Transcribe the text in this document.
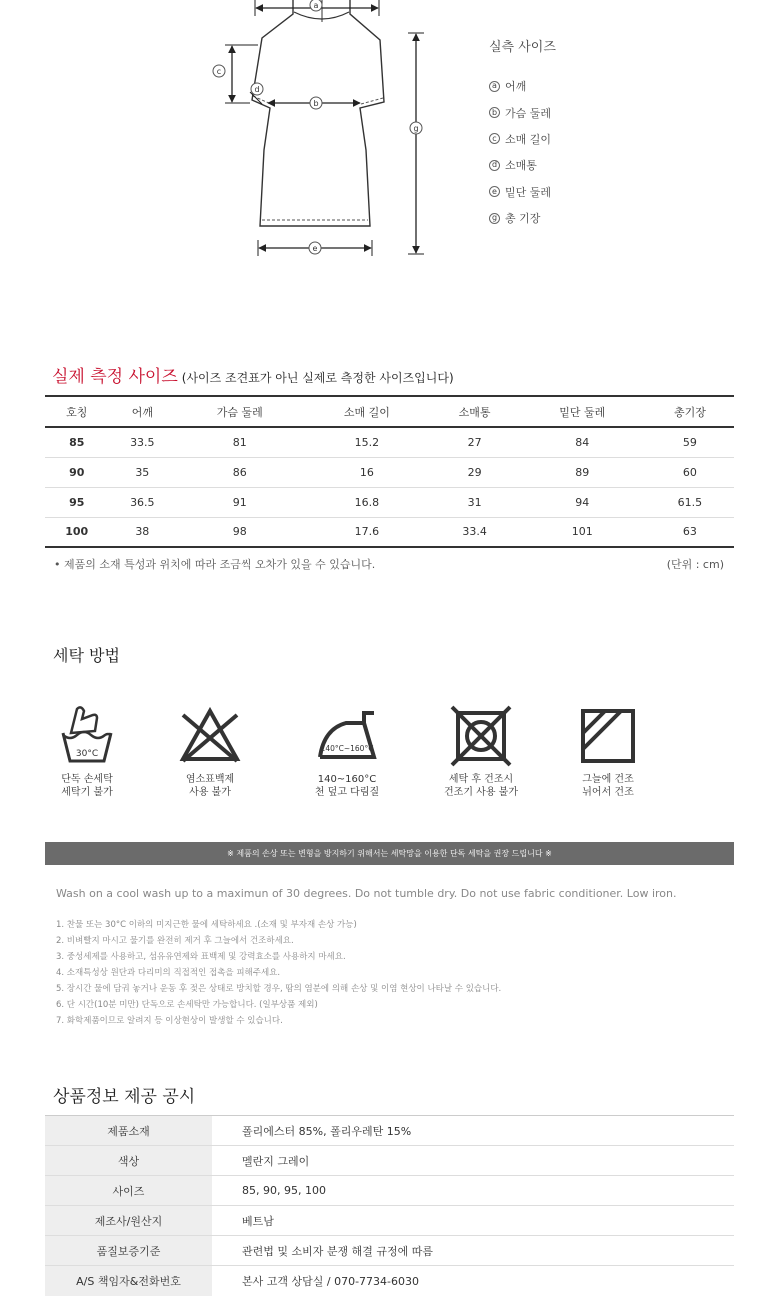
a
b
c
d
e
g
실측 사이즈
a 어깨
b 가슴 둘레
c 소매 길이
d 소매통
e 밑단 둘레
g 총 기장
실제 측정 사이즈 (사이즈 조견표가 아닌 실제로 측정한 사이즈입니다)
호칭	어깨	가슴 둘레	소매 길이	소매통	밑단 둘레	총기장
85	33.5	81	15.2	27	84	59
90	35	86	16	29	89	60
95	36.5	91	16.8	31	94	61.5
100	38	98	17.6	33.4	101	63
• 제품의 소재 특성과 위치에 따라 조금씩 오차가 있을 수 있습니다.	(단위 : cm)
세탁 방법
30°C
단독 손세탁
세탁기 불가
염소표백제
사용 불가
140°C~160°C
140~160°C
천 덮고 다림질
세탁 후 건조시
건조기 사용 불가
그늘에 건조
뉘어서 건조
※ 제품의 손상 또는 변형을 방지하기 위해서는 세탁망을 이용한 단독 세탁을 권장 드립니다 ※
Wash on a cool wash up to a maximun of 30 degrees. Do not tumble dry. Do not use fabric conditioner. Low iron.
1. 찬물 또는 30°C 이하의 미지근한 물에 세탁하세요 .(소재 및 부자재 손상 가능)
2. 비벼빨지 마시고 물기를 완전히 제거 후 그늘에서 건조하세요.
3. 중성세제를 사용하고, 섬유유연제와 표백제 및 강력효소를 사용하지 마세요.
4. 소재특성상 원단과 다리미의 직접적인 접촉을 피해주세요.
5. 장시간 물에 담궈 놓거나 운동 후 젖은 상태로 방치할 경우, 땀의 염분에 의해 손상 및 이염 현상이 나타날 수 있습니다.
6. 단 시간(10분 미만) 단독으로 손세탁만 가능합니다. (일부상품 제외)
7. 화학제품이므로 알려지 등 이상현상이 발생할 수 있습니다.
상품정보 제공 공시
제품소재	폴리에스터 85%, 폴리우레탄 15%
색상	멜란지 그레이
사이즈	85, 90, 95, 100
제조사/원산지	베트남
품질보증기준	관련법 및 소비자 분쟁 해결 규정에 따름
A/S 책임자&전화번호	본사 고객 상담실 / 070-7734-6030
